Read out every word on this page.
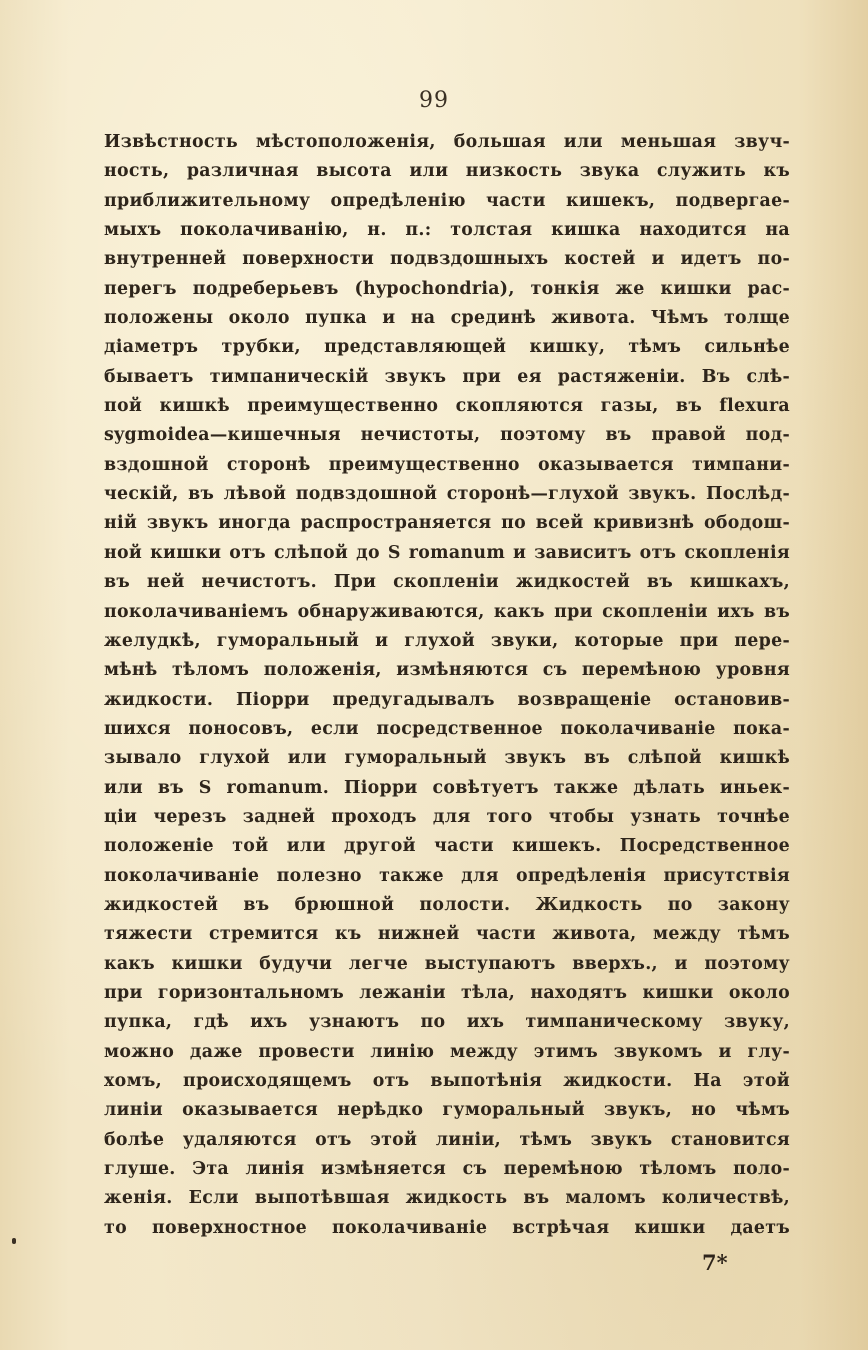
99
Извѣстность мѣстоположенія, большая или меньшая звуч-
ность, различная высота или низкость звука служить къ
приближительному опредѣленію части кишекъ, подвергае-
мыхъ поколачиванію, н. п.: толстая кишка находится на
внутренней поверхности подвздошныхъ костей и идетъ по-
перегъ подреберьевъ (hypochondria), тонкія же кишки рас-
положены около пупка и на срединѣ живота. Чѣмъ толще
діаметръ трубки, представляющей кишку, тѣмъ сильнѣе
бываетъ тимпаническій звукъ при ея растяженіи. Въ слѣ-
пой кишкѣ преимущественно скопляются газы, въ flexura
sygmoidea—кишечныя нечистоты, поэтому въ правой под-
вздошной сторонѣ преимущественно оказывается тимпани-
ческій, въ лѣвой подвздошной сторонѣ—глухой звукъ. Послѣд-
ній звукъ иногда распространяется по всей кривизнѣ ободош-
ной кишки отъ слѣпой до S romanum и зависитъ отъ скопленія
въ ней нечистотъ. При скопленіи жидкостей въ кишкахъ,
поколачиваніемъ обнаруживаются, какъ при скопленіи ихъ въ
желудкѣ, гуморальный и глухой звуки, которые при пере-
мѣнѣ тѣломъ положенія, измѣняются съ перемѣною уровня
жидкости. Піорри предугадывалъ возвращеніе остановив-
шихся поносовъ, если посредственное поколачиваніе пока-
зывало глухой или гуморальный звукъ въ слѣпой кишкѣ
или въ S romanum. Піорри совѣтуетъ также дѣлать иньек-
ціи черезъ задней проходъ для того чтобы узнать точнѣе
положеніе той или другой части кишекъ. Посредственное
поколачиваніе полезно также для опредѣленія присутствія
жидкостей въ брюшной полости. Жидкость по закону
тяжести стремится къ нижней части живота, между тѣмъ
какъ кишки будучи легче выступаютъ вверхъ., и поэтому
при горизонтальномъ лежаніи тѣла, находятъ кишки около
пупка, гдѣ ихъ узнаютъ по ихъ тимпаническому звуку,
можно даже провести линію между этимъ звукомъ и глу-
хомъ, происходящемъ отъ выпотѣнія жидкости. На этой
линіи оказывается нерѣдко гуморальный звукъ, но чѣмъ
болѣе удаляются отъ этой линіи, тѣмъ звукъ становится
глуше. Эта линія измѣняется съ перемѣною тѣломъ поло-
женія. Если выпотѣвшая жидкость въ маломъ количествѣ,
то поверхностное поколачиваніе встрѣчая кишки даетъ
7*
